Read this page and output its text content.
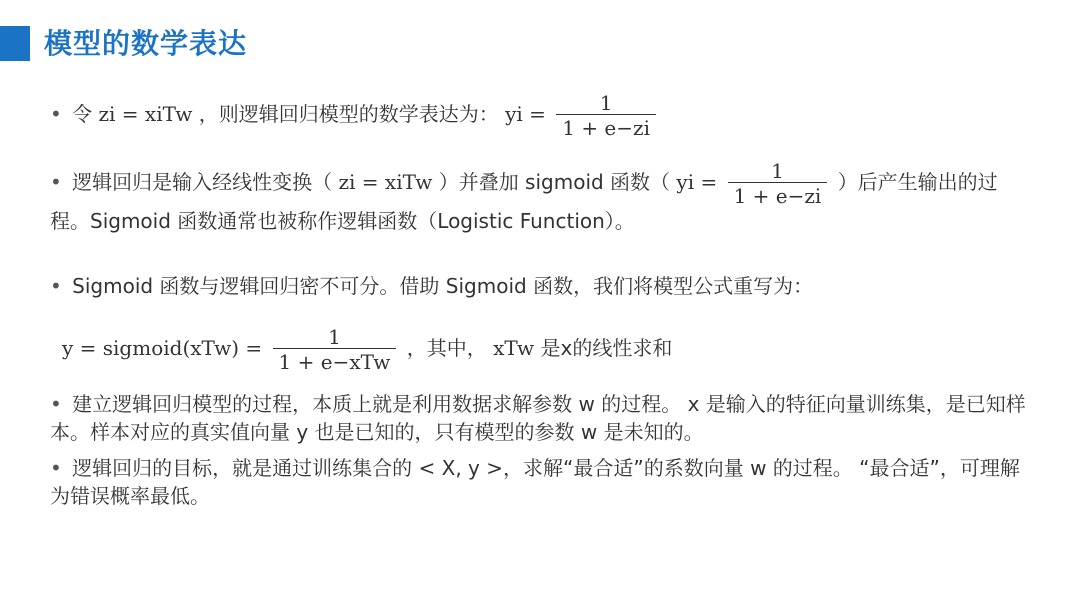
模型的数学表达
• 令 zi = xiTw ，则逻辑回归模型的数学表达为： yi = $\frac{1}{1 + e-zi}$
• 逻辑回归是输入经线性变换（ zi = xiTw ）并叠加 sigmoid 函数（ yi = $\frac{1}{1 + e-zi}$ ）后产生输出的过程。Sigmoid 函数通常也被称作逻辑函数（Logistic Function）。
• Sigmoid 函数与逻辑回归密不可分。借助 Sigmoid 函数，我们将模型公式重写为：
y = sigmoid(xTw) = $\frac{1}{\text{1 + e−xTw}}$ ，其中， xTw 是x的线性求和
• 建立逻辑回归模型的过程，本质上就是利用数据求解参数 w 的过程。 x 是输入的特征向量训练集，是已知样本。样本对应的真实值向量 y 也是已知的，只有模型的参数 w 是未知的。
• 逻辑回归的目标，就是通过训练集合的 < X, y >，求解“最合适”的系数向量 w 的过程。 “最合适”，可理解为错误概率最低。
